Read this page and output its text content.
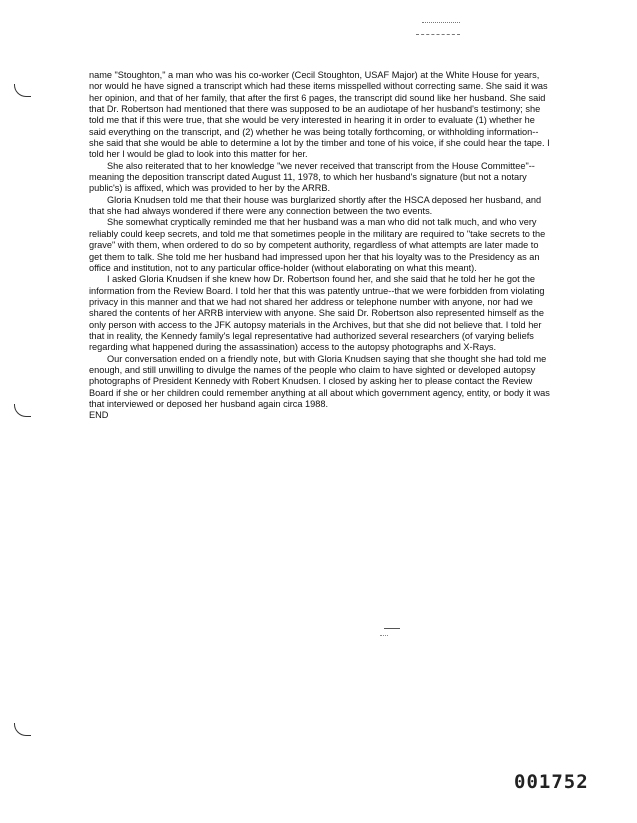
name "Stoughton," a man who was his co-worker (Cecil Stoughton, USAF Major) at the White House for years, nor would he have signed a transcript which had these items misspelled without correcting same. She said it was her opinion, and that of her family, that after the first 6 pages, the transcript did sound like her husband. She said that Dr. Robertson had mentioned that there was supposed to be an audiotape of her husband's testimony; she told me that if this were true, that she would be very interested in hearing it in order to evaluate (1) whether he said everything on the transcript, and (2) whether he was being totally forthcoming, or withholding information--she said that she would be able to determine a lot by the timber and tone of his voice, if she could hear the tape. I told her I would be glad to look into this matter for her.

She also reiterated that to her knowledge "we never received that transcript from the House Committee"--meaning the deposition transcript dated August 11, 1978, to which her husband's signature (but not a notary public's) is affixed, which was provided to her by the ARRB.

Gloria Knudsen told me that their house was burglarized shortly after the HSCA deposed her husband, and that she had always wondered if there were any connection between the two events.

She somewhat cryptically reminded me that her husband was a man who did not talk much, and who very reliably could keep secrets, and told me that sometimes people in the military are required to "take secrets to the grave" with them, when ordered to do so by competent authority, regardless of what attempts are later made to get them to talk. She told me her husband had impressed upon her that his loyalty was to the Presidency as an office and institution, not to any particular office-holder (without elaborating on what this meant).

I asked Gloria Knudsen if she knew how Dr. Robertson found her, and she said that he told her he got the information from the Review Board. I told her that this was patently untrue--that we were forbidden from violating privacy in this manner and that we had not shared her address or telephone number with anyone, nor had we shared the contents of her ARRB interview with anyone. She said Dr. Robertson also represented himself as the only person with access to the JFK autopsy materials in the Archives, but that she did not believe that. I told her that in reality, the Kennedy family's legal representative had authorized several researchers (of varying beliefs regarding what happened during the assassination) access to the autopsy photographs and X-Rays.

Our conversation ended on a friendly note, but with Gloria Knudsen saying that she thought she had told me enough, and still unwilling to divulge the names of the people who claim to have sighted or developed autopsy photographs of President Kennedy with Robert Knudsen. I closed by asking her to please contact the Review Board if she or her children could remember anything at all about which government agency, entity, or body it was that interviewed or deposed her husband again circa 1988.

END

001752
